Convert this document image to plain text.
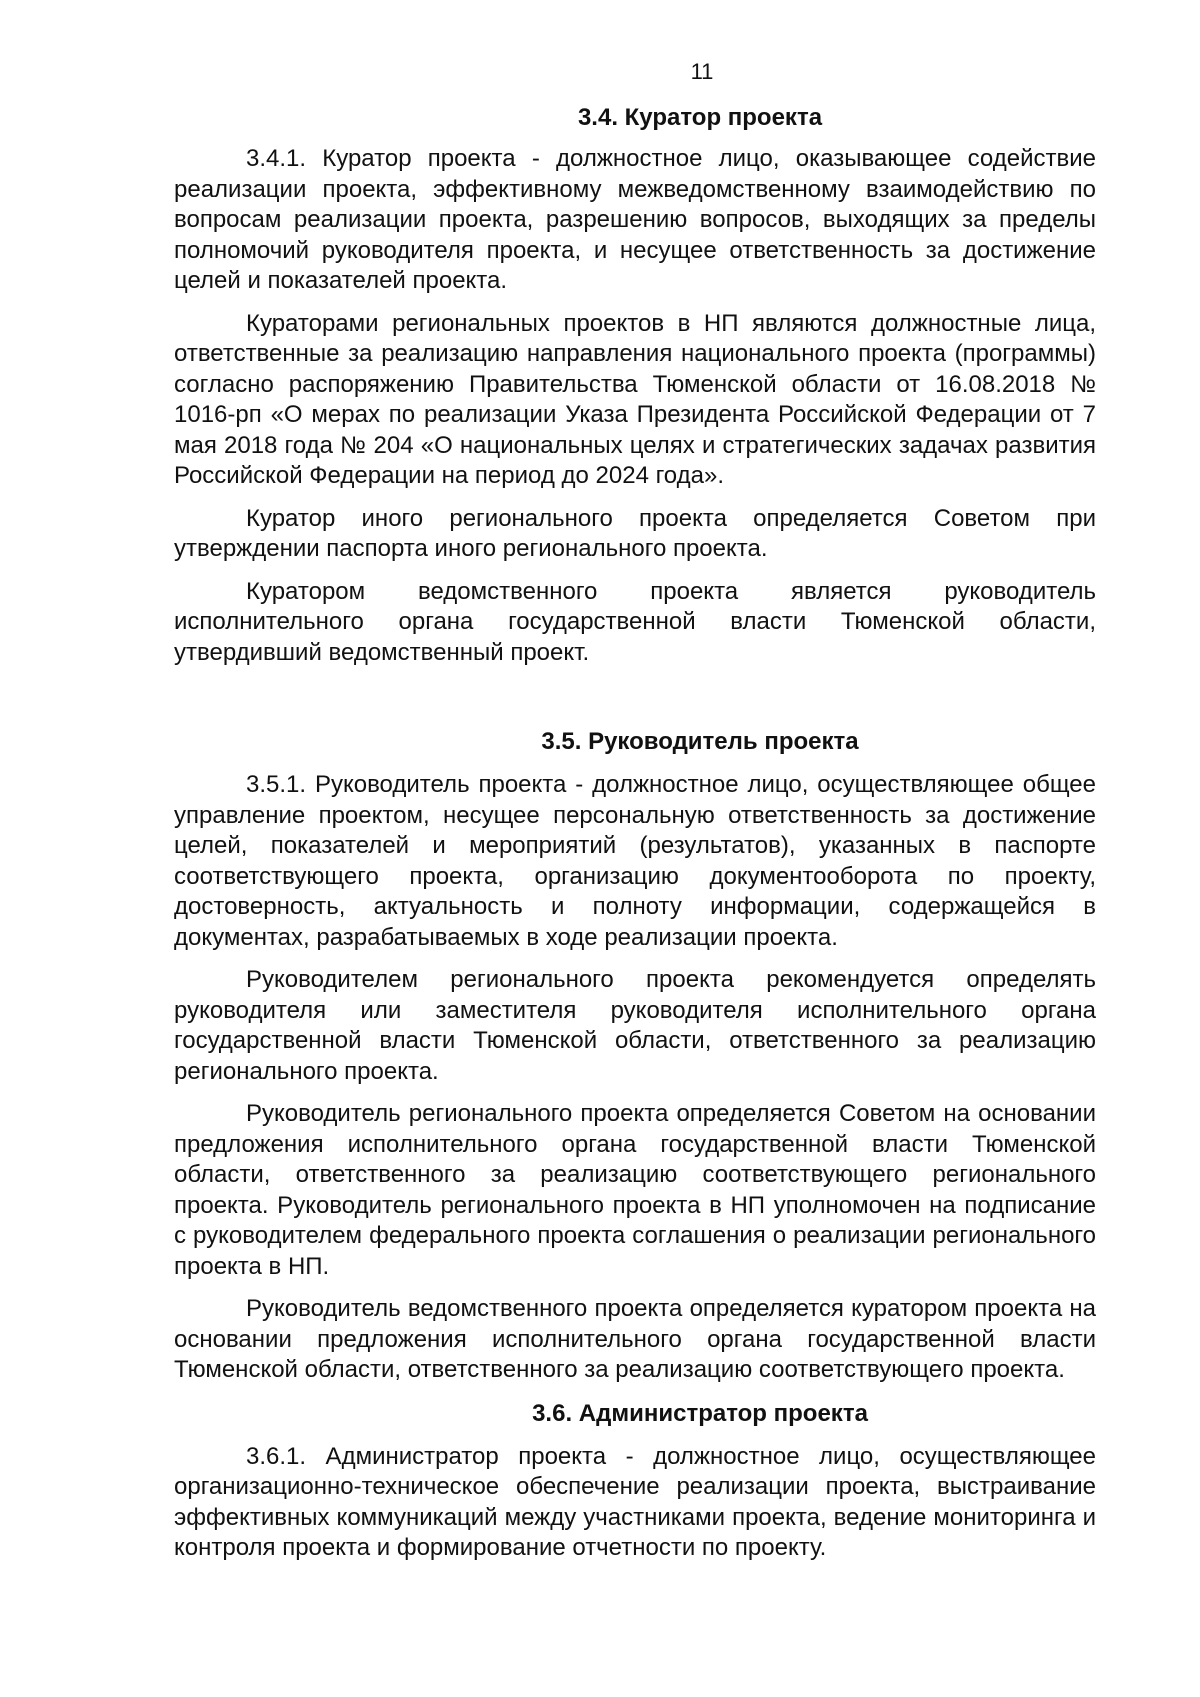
11
3.4. Куратор проекта

3.4.1. Куратор проекта - должностное лицо, оказывающее содействие реализации проекта, эффективному межведомственному взаимодействию по вопросам реализации проекта, разрешению вопросов, выходящих за пределы полномочий руководителя проекта, и несущее ответственность за достижение целей и показателей проекта.

Кураторами региональных проектов в НП являются должностные лица, ответственные за реализацию направления национального проекта (программы) согласно распоряжению Правительства Тюменской области от 16.08.2018 № 1016-рп «О мерах по реализации Указа Президента Российской Федерации от 7 мая 2018 года № 204 «О национальных целях и стратегических задачах развития Российской Федерации на период до 2024 года».

Куратор иного регионального проекта определяется Советом при утверждении паспорта иного регионального проекта.

Куратором ведомственного проекта является руководитель исполнительного органа государственной власти Тюменской области, утвердивший ведомственный проект.

3.5. Руководитель проекта

3.5.1. Руководитель проекта - должностное лицо, осуществляющее общее управление проектом, несущее персональную ответственность за достижение целей, показателей и мероприятий (результатов), указанных в паспорте соответствующего проекта, организацию документооборота по проекту, достоверность, актуальность и полноту информации, содержащейся в документах, разрабатываемых в ходе реализации проекта.

Руководителем регионального проекта рекомендуется определять руководителя или заместителя руководителя исполнительного органа государственной власти Тюменской области, ответственного за реализацию регионального проекта.

Руководитель регионального проекта определяется Советом на основании предложения исполнительного органа государственной власти Тюменской области, ответственного за реализацию соответствующего регионального проекта. Руководитель регионального проекта в НП уполномочен на подписание с руководителем федерального проекта соглашения о реализации регионального проекта в НП.

Руководитель ведомственного проекта определяется куратором проекта на основании предложения исполнительного органа государственной власти Тюменской области, ответственного за реализацию соответствующего проекта.

3.6. Администратор проекта

3.6.1. Администратор проекта - должностное лицо, осуществляющее организационно-техническое обеспечение реализации проекта, выстраивание эффективных коммуникаций между участниками проекта, ведение мониторинга и контроля проекта и формирование отчетности по проекту.
